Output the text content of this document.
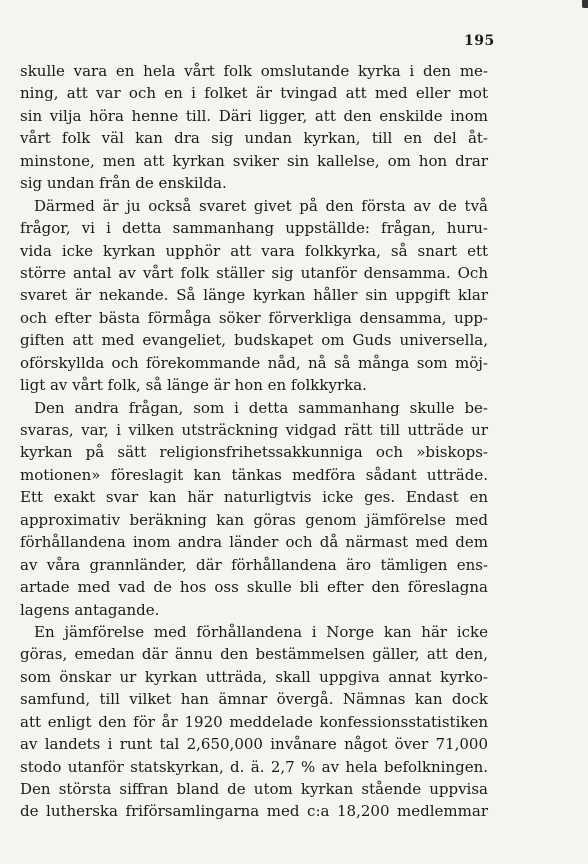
195
skulle vara en hela vårt folk omslutande kyrka i den me-
ning, att var och en i folket är tvingad att med eller mot
sin vilja höra henne till. Däri ligger, att den enskilde inom
vårt folk väl kan dra sig undan kyrkan, till en del åt-
minstone, men att kyrkan sviker sin kallelse, om hon drar
sig undan från de enskilda.
Därmed är ju också svaret givet på den första av de två
frågor, vi i detta sammanhang uppställde: frågan, huru-
vida icke kyrkan upphör att vara folkkyrka, så snart ett
större antal av vårt folk ställer sig utanför densamma. Och
svaret är nekande. Så länge kyrkan håller sin uppgift klar
och efter bästa förmåga söker förverkliga densamma, upp-
giften att med evangeliet, budskapet om Guds universella,
oförskyllda och förekommande nåd, nå så många som möj-
ligt av vårt folk, så länge är hon en folkkyrka.
Den andra frågan, som i detta sammanhang skulle be-
svaras, var, i vilken utsträckning vidgad rätt till utträde ur
kyrkan på sätt religionsfrihetssakkunniga och »biskops-
motionen» föreslagit kan tänkas medföra sådant utträde.
Ett exakt svar kan här naturligtvis icke ges. Endast en
approximativ beräkning kan göras genom jämförelse med
förhållandena inom andra länder och då närmast med dem
av våra grannländer, där förhållandena äro tämligen ens-
artade med vad de hos oss skulle bli efter den föreslagna
lagens antagande.
En jämförelse med förhållandena i Norge kan här icke
göras, emedan där ännu den bestämmelsen gäller, att den,
som önskar ur kyrkan utträda, skall uppgiva annat kyrko-
samfund, till vilket han ämnar övergå. Nämnas kan dock
att enligt den för år 1920 meddelade konfessionsstatistiken
av landets i runt tal 2,650,000 invånare något över 71,000
stodo utanför statskyrkan, d. ä. 2,7 % av hela befolkningen.
Den största siffran bland de utom kyrkan stående uppvisa
de lutherska friförsamlingarna med c:a 18,200 medlemmar
